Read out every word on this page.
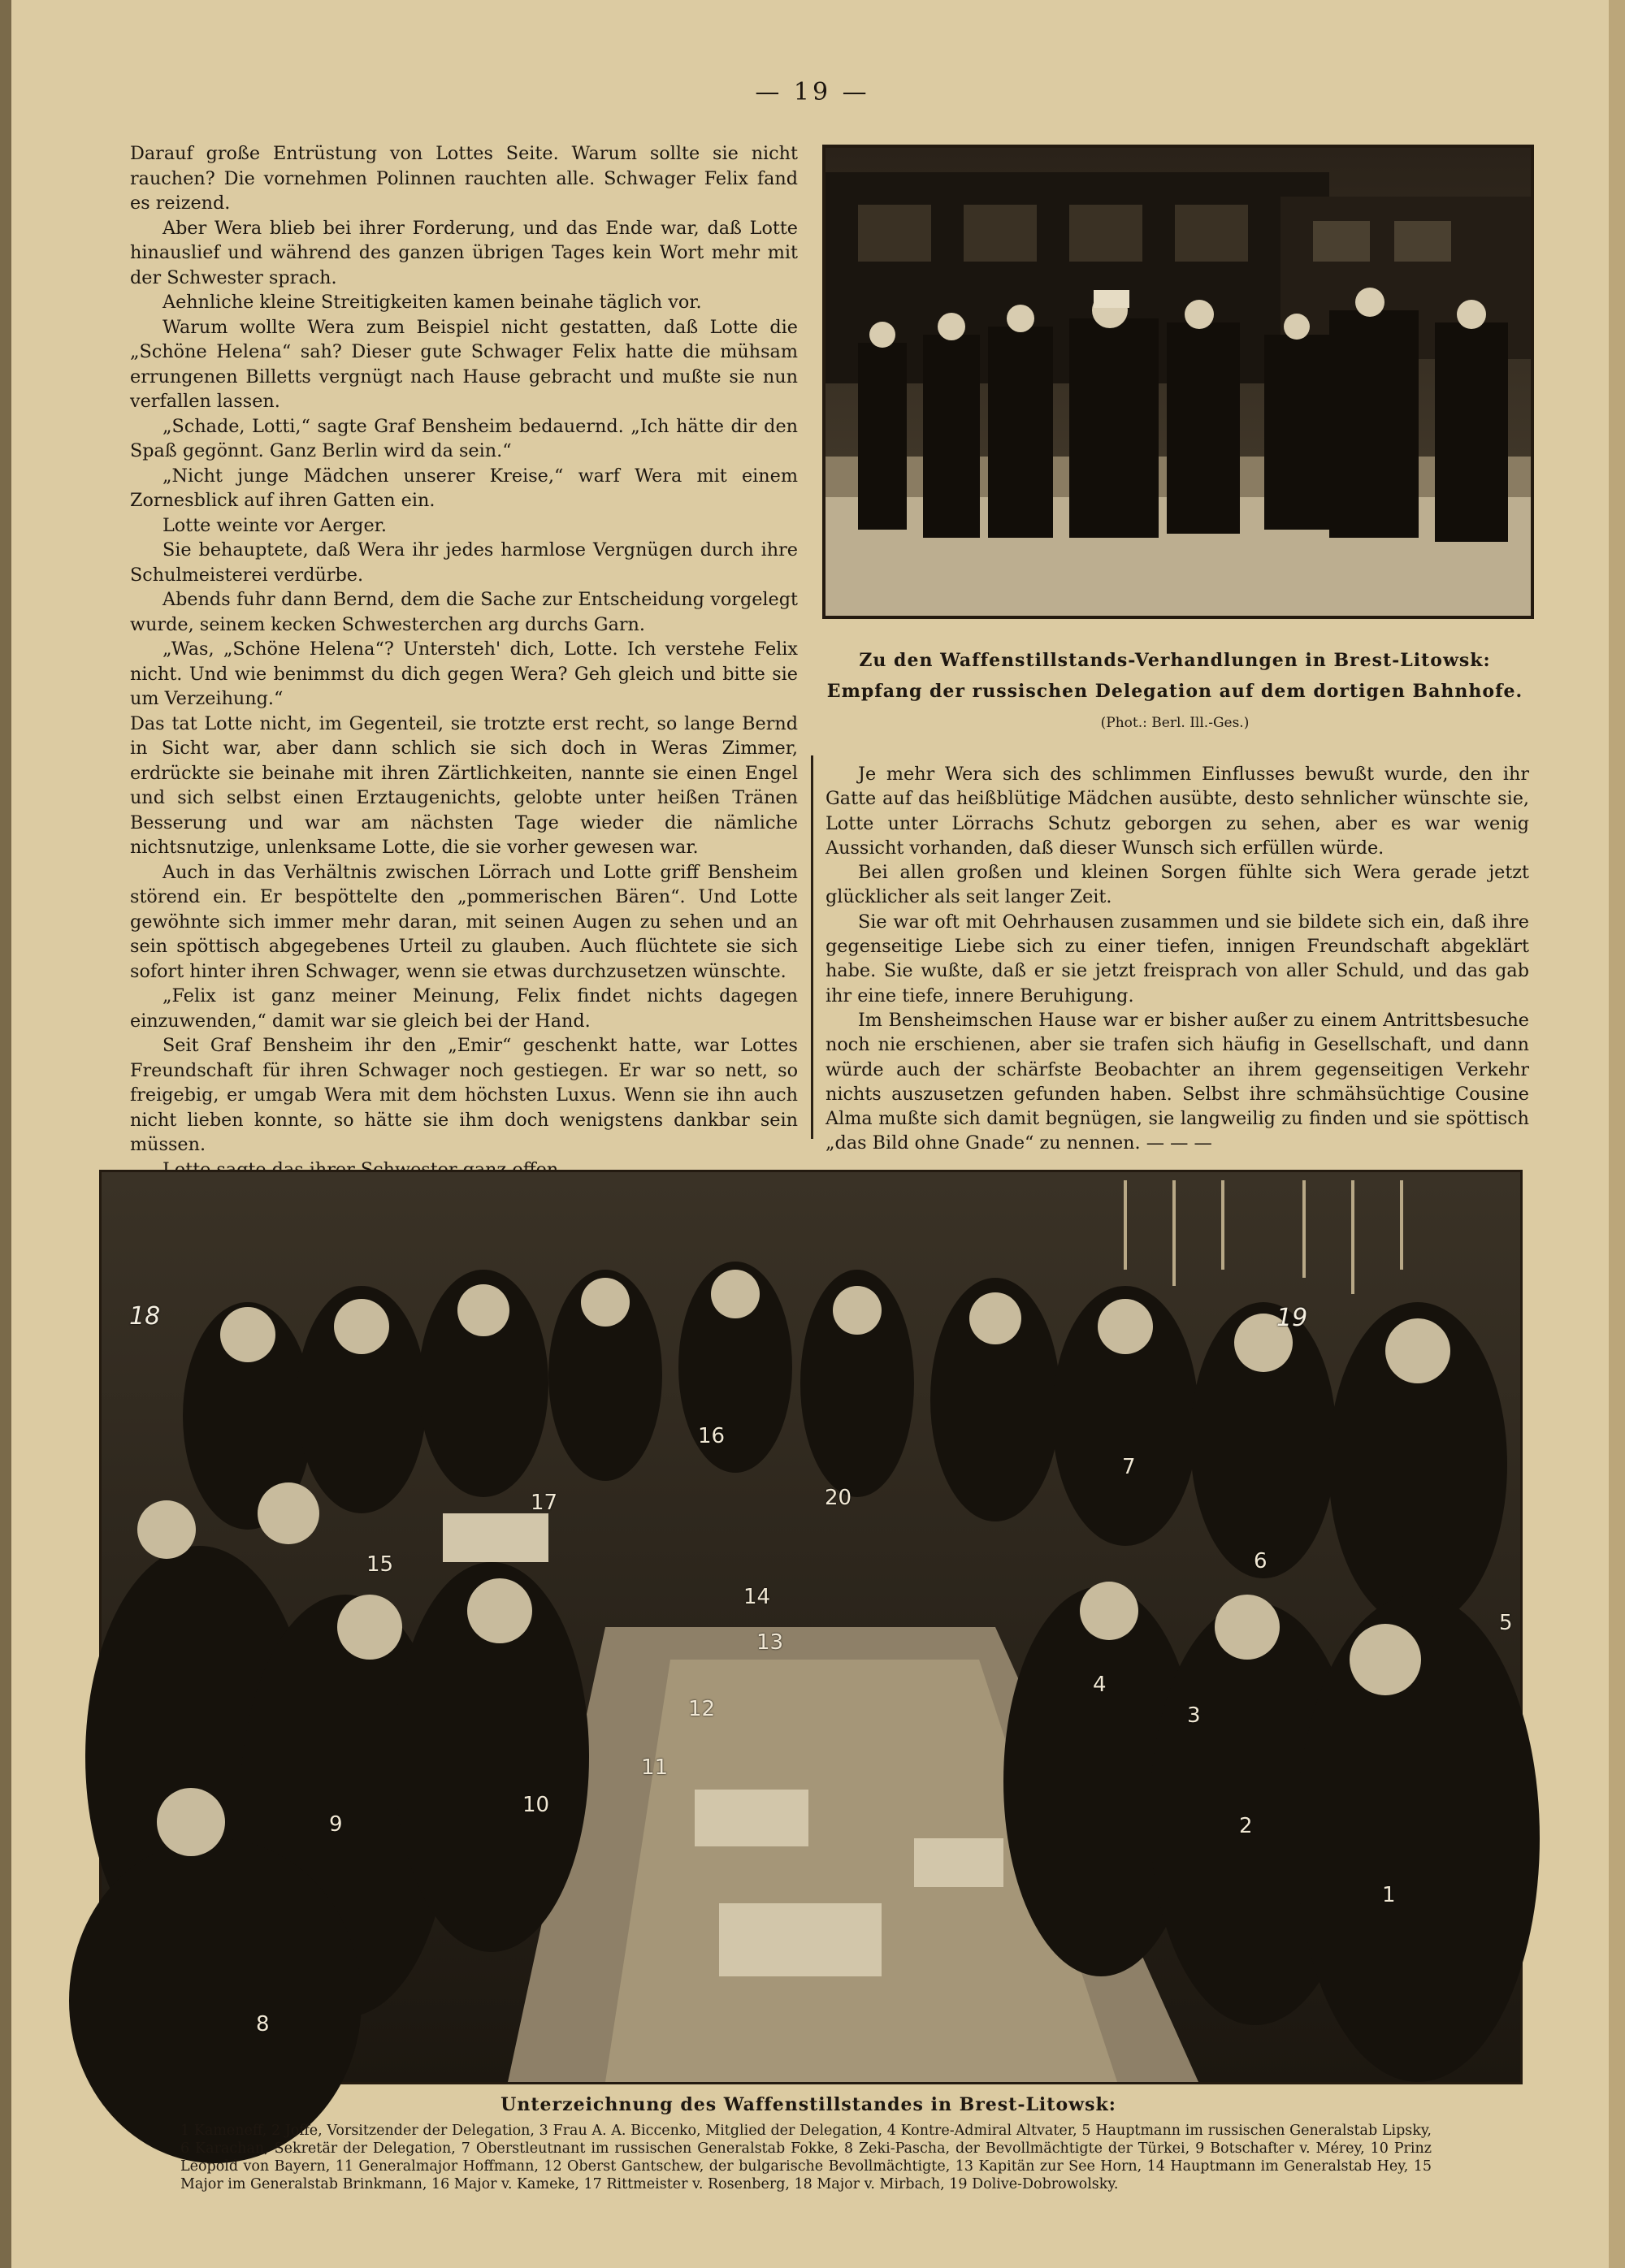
— 19 —

Darauf große Entrüstung von Lottes Seite. Warum sollte sie nicht rauchen? Die vornehmen Polinnen rauchten alle. Schwager Felix fand es reizend.

Aber Wera blieb bei ihrer Forderung, und das Ende war, daß Lotte hinauslief und während des ganzen übrigen Tages kein Wort mehr mit der Schwester sprach.

Aehnliche kleine Streitigkeiten kamen beinahe täglich vor.

Warum wollte Wera zum Beispiel nicht gestatten, daß Lotte die „Schöne Helena“ sah? Dieser gute Schwager Felix hatte die mühsam errungenen Billetts vergnügt nach Hause gebracht und mußte sie nun verfallen lassen.

„Schade, Lotti,“ sagte Graf Bensheim bedauernd. „Ich hätte dir den Spaß gegönnt. Ganz Berlin wird da sein.“

„Nicht junge Mädchen unserer Kreise,“ warf Wera mit einem Zornesblick auf ihren Gatten ein.

Lotte weinte vor Aerger.

Sie behauptete, daß Wera ihr jedes harmlose Vergnügen durch ihre Schulmeisterei verdürbe.

Abends fuhr dann Bernd, dem die Sache zur Entscheidung vorgelegt wurde, seinem kecken Schwesterchen arg durchs Garn.

„Was, „Schöne Helena“? Untersteh' dich, Lotte. Ich verstehe Felix nicht. Und wie benimmst du dich gegen Wera? Geh gleich und bitte sie um Verzeihung.“

Das tat Lotte nicht, im Gegenteil, sie trotzte erst recht, so lange Bernd in Sicht war, aber dann schlich sie sich doch in Weras Zimmer, erdrückte sie beinahe mit ihren Zärtlichkeiten, nannte sie einen Engel und sich selbst einen Erztaugenichts, gelobte unter heißen Tränen Besserung und war am nächsten Tage wieder die nämliche nichtsnutzige, unlenksame Lotte, die sie vorher gewesen war.

Auch in das Verhältnis zwischen Lörrach und Lotte griff Bensheim störend ein. Er bespöttelte den „pommerischen Bären“. Und Lotte gewöhnte sich immer mehr daran, mit seinen Augen zu sehen und an sein spöttisch abgegebenes Urteil zu glauben. Auch flüchtete sie sich sofort hinter ihren Schwager, wenn sie etwas durchzusetzen wünschte.

„Felix ist ganz meiner Meinung, Felix findet nichts dagegen einzuwenden,“ damit war sie gleich bei der Hand.

Seit Graf Bensheim ihr den „Emir“ geschenkt hatte, war Lottes Freundschaft für ihren Schwager noch gestiegen. Er war so nett, so freigebig, er umgab Wera mit dem höchsten Luxus. Wenn sie ihn auch nicht lieben konnte, so hätte sie ihm doch wenigstens dankbar sein müssen.

Zu den Waffenstillstands-Verhandlungen in Brest-Litowsk:
Empfang der russischen Delegation auf dem dortigen Bahnhofe.
(Phot.: Berl. Ill.-Ges.)

Je mehr Wera sich des schlimmen Einflusses bewußt wurde, den ihr Gatte auf das heißblütige Mädchen ausübte, desto sehnlicher wünschte sie, Lotte unter Lörrachs Schutz geborgen zu sehen, aber es war wenig Aussicht vorhanden, daß dieser Wunsch sich erfüllen würde.

Bei allen großen und kleinen Sorgen fühlte sich Wera gerade jetzt glücklicher als seit langer Zeit.

Sie war oft mit Oehrhausen zusammen und sie bildete sich ein, daß ihre gegenseitige Liebe sich zu einer tiefen, innigen Freundschaft abgeklärt habe. Sie wußte, daß er sie jetzt freisprach von aller Schuld, und das gab ihr eine tiefe, innere Beruhigung.

Im Bensheimschen Hause war er bisher außer zu einem Antrittsbesuche noch nie erschienen, aber sie trafen sich häufig in Gesellschaft, und dann würde auch der schärfste Beobachter an ihrem gegenseitigen Verkehr nichts auszusetzen gefunden haben. Selbst ihre schmähsüchtige Cousine Alma mußte sich damit begnügen, sie langweilig zu finden und sie spöttisch „das Bild ohne Gnade“ zu nennen. — — —

1
2
3
4
5
6
7
8
9
10
11
12
13
14
15
16
17
18	19
20
Unterzeichnung des Waffenstillstandes in Brest-Litowsk:
1 Kameneff, 2 Joffe, Vorsitzender der Delegation, 3 Frau A. A. Biccenko, Mitglied der Delegation, 4 Kontre-Admiral Altvater, 5 Hauptmann im russischen Generalstab Lipsky, 6 Karachan, Sekretär der Delegation, 7 Oberstleutnant im russischen Generalstab Fokke, 8 Zeki-Pascha, der Bevollmächtigte der Türkei, 9 Botschafter v. Mérey, 10 Prinz Leopold von Bayern, 11 Generalmajor Hoffmann, 12 Oberst Gantschew, der bulgarische Bevollmächtigte, 13 Kapitän zur See Horn, 14 Hauptmann im Generalstab Hey, 15 Major im Generalstab Brinkmann, 16 Major v. Kameke, 17 Rittmeister v. Rosenberg, 18 Major v. Mirbach, 19 Dolive-Dobrowolsky.
